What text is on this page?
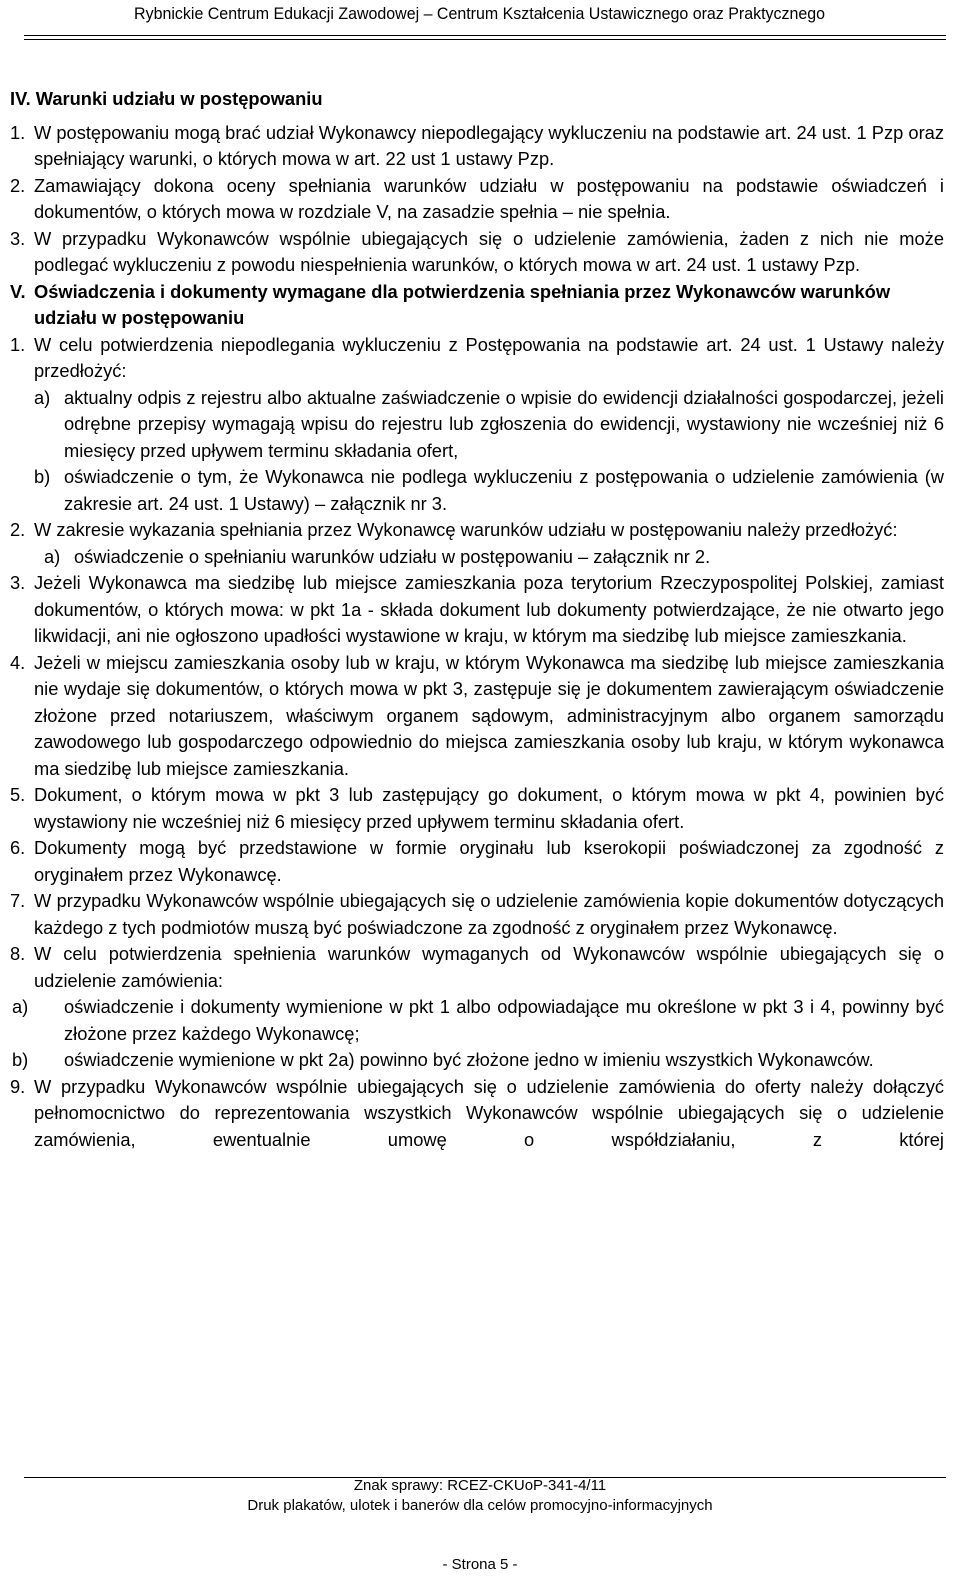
Rybnickie Centrum Edukacji Zawodowej – Centrum Kształcenia Ustawicznego oraz Praktycznego
IV. Warunki udziału w postępowaniu
1. W postępowaniu mogą brać udział Wykonawcy niepodlegający wykluczeniu na podstawie art. 24 ust. 1 Pzp oraz spełniający warunki, o których mowa w art. 22 ust 1 ustawy Pzp.
2. Zamawiający dokona oceny spełniania warunków udziału w postępowaniu na podstawie oświadczeń i dokumentów, o których mowa w rozdziale V, na zasadzie spełnia – nie spełnia.
3. W przypadku Wykonawców wspólnie ubiegających się o udzielenie zamówienia, żaden z nich nie może podlegać wykluczeniu z powodu niespełnienia warunków, o których mowa w art. 24 ust. 1 ustawy Pzp.
V. Oświadczenia i dokumenty wymagane dla potwierdzenia spełniania przez Wykonawców warunków udziału w postępowaniu
1. W celu potwierdzenia niepodlegania wykluczeniu z Postępowania na podstawie art. 24 ust. 1 Ustawy należy przedłożyć:
a) aktualny odpis z rejestru albo aktualne zaświadczenie o wpisie do ewidencji działalności gospodarczej, jeżeli odrębne przepisy wymagają wpisu do rejestru lub zgłoszenia do ewidencji, wystawiony nie wcześniej niż 6 miesięcy przed upływem terminu składania ofert,
b) oświadczenie o tym, że Wykonawca nie podlega wykluczeniu z postępowania o udzielenie zamówienia (w zakresie art. 24 ust. 1 Ustawy) – załącznik nr 3.
2. W zakresie wykazania spełniania przez Wykonawcę warunków udziału w postępowaniu należy przedłożyć:
a) oświadczenie o spełnianiu warunków udziału w postępowaniu – załącznik nr 2.
3. Jeżeli Wykonawca ma siedzibę lub miejsce zamieszkania poza terytorium Rzeczypospolitej Polskiej, zamiast dokumentów, o których mowa: w pkt 1a - składa dokument lub dokumenty potwierdzające, że nie otwarto jego likwidacji, ani nie ogłoszono upadłości wystawione w kraju, w którym ma siedzibę lub miejsce zamieszkania.
4. Jeżeli w miejscu zamieszkania osoby lub w kraju, w którym Wykonawca ma siedzibę lub miejsce zamieszkania nie wydaje się dokumentów, o których mowa w pkt 3, zastępuje się je dokumentem zawierającym oświadczenie złożone przed notariuszem, właściwym organem sądowym, administracyjnym albo organem samorządu zawodowego lub gospodarczego odpowiednio do miejsca zamieszkania osoby lub kraju, w którym wykonawca ma siedzibę lub miejsce zamieszkania.
5. Dokument, o którym mowa w pkt 3 lub zastępujący go dokument, o którym mowa w pkt 4, powinien być wystawiony nie wcześniej niż 6 miesięcy przed upływem terminu składania ofert.
6. Dokumenty mogą być przedstawione w formie oryginału lub kserokopii poświadczonej za zgodność z oryginałem przez Wykonawcę.
7. W przypadku Wykonawców wspólnie ubiegających się o udzielenie zamówienia kopie dokumentów dotyczących każdego z tych podmiotów muszą być poświadczone za zgodność z oryginałem przez Wykonawcę.
8. W celu potwierdzenia spełnienia warunków wymaganych od Wykonawców wspólnie ubiegających się o udzielenie zamówienia:
a)	oświadczenie i dokumenty wymienione w pkt 1 albo odpowiadające mu określone w pkt 3 i 4, powinny być złożone przez każdego Wykonawcę;
b)	oświadczenie wymienione w pkt 2a) powinno być złożone jedno w imieniu wszystkich Wykonawców.
9. W przypadku Wykonawców wspólnie ubiegających się o udzielenie zamówienia do oferty należy dołączyć pełnomocnictwo do reprezentowania wszystkich Wykonawców wspólnie ubiegających się o udzielenie zamówienia, ewentualnie umowę o współdziałaniu, z której
Znak sprawy: RCEZ-CKUoP-341-4/11
Druk plakatów, ulotek i banerów dla celów promocyjno-informacyjnych
- Strona 5 -
